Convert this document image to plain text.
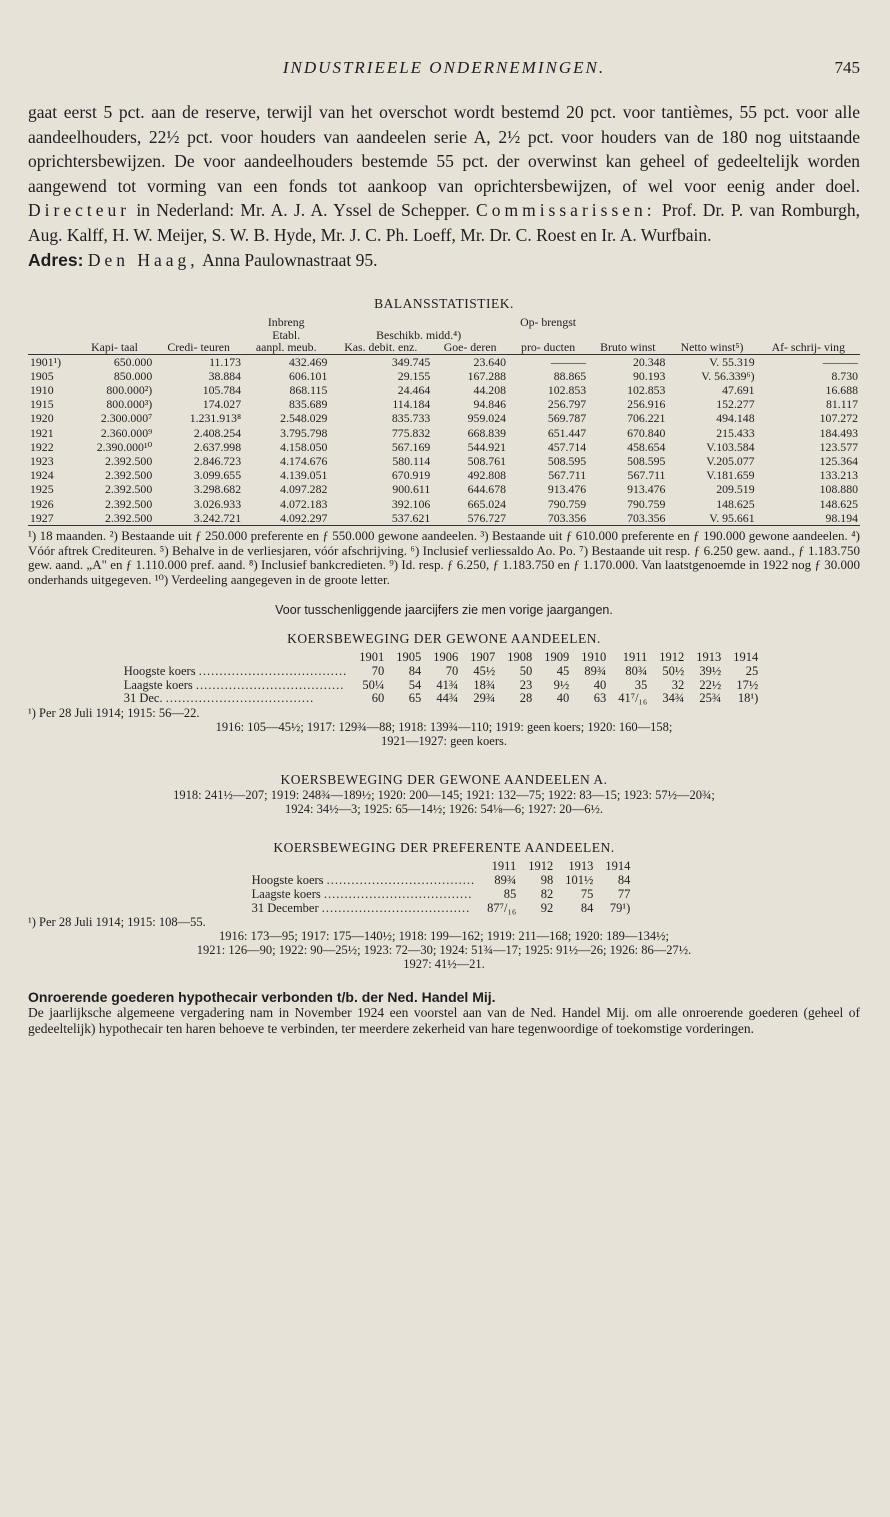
INDUSTRIEELE ONDERNEMINGEN.	745
gaat eerst 5 pct. aan de reserve, terwijl van het overschot wordt bestemd 20 pct. voor tantièmes, 55 pct. voor alle aandeelhouders, 22½ pct. voor houders van aandeelen serie A, 2½ pct. voor houders van de 180 nog uitstaande oprichtersbewijzen. De voor aandeelhouders bestemde 55 pct. der overwinst kan geheel of gedeeltelijk worden aangewend tot vorming van een fonds tot aankoop van oprichtersbewijzen, of wel voor eenig ander doel. Directeur in Nederland: Mr. A. J. A. Yssel de Schepper. Commissarissen: Prof. Dr. P. van Romburgh, Aug. Kalff, H. W. Meijer, S. W. B. Hyde, Mr. J. C. Ph. Loeff, Mr. Dr. C. Roest en Ir. A. Wurfbain.
Adres: Den Haag, Anna Paulownastraat 95.
BALANSSTATISTIEK.
			Inbreng			Op- brengst			
			Etabl.	Beschikb. midd.⁴)					
	Kapi- taal	Credi- teuren	aanpl. meub.	Kas. debit. enz.	Goe- deren	pro- ducten	Bruto winst	Netto winst⁵)	Af- schrij- ving
1901¹)	650.000	11.173	432.469	349.745	23.640	———	20.348	V. 55.319	———
1905	850.000	38.884	606.101	29.155	167.288	88.865	90.193	V. 56.339⁶)	8.730
1910	800.000²)	105.784	868.115	24.464	44.208	102.853	102.853	47.691	16.688
1915	800.000³)	174.027	835.689	114.184	94.846	256.797	256.916	152.277	81.117
1920	2.300.000⁷	1.231.913⁸	2.548.029	835.733	959.024	569.787	706.221	494.148	107.272
1921	2.360.000⁹	2.408.254	3.795.798	775.832	668.839	651.447	670.840	215.433	184.493
1922	2.390.000¹⁰	2.637.998	4.158.050	567.169	544.921	457.714	458.654	V.103.584	123.577
1923	2.392.500	2.846.723	4.174.676	580.114	508.761	508.595	508.595	V.205.077	125.364
1924	2.392.500	3.099.655	4.139.051	670.919	492.808	567.711	567.711	V.181.659	133.213
1925	2.392.500	3.298.682	4.097.282	900.611	644.678	913.476	913.476	209.519	108.880
1926	2.392.500	3.026.933	4.072.183	392.106	665.024	790.759	790.759	148.625	148.625
1927	2.392.500	3.242.721	4.092.297	537.621	576.727	703.356	703.356	V. 95.661	98.194
¹) 18 maanden. ²) Bestaande uit ƒ 250.000 preferente en ƒ 550.000 gewone aandeelen. ³) Bestaande uit ƒ 610.000 preferente en ƒ 190.000 gewone aandeelen. ⁴) Vóór aftrek Crediteuren. ⁵) Behalve in de verliesjaren, vóór afschrijving. ⁶) Inclusief verliessaldo Ao. Po. ⁷) Bestaande uit resp. ƒ 6.250 gew. aand., ƒ 1.183.750 gew. aand. „A" en ƒ 1.110.000 pref. aand. ⁸) Inclusief bankcredieten. ⁹) Id. resp. ƒ 6.250, ƒ 1.183.750 en ƒ 1.170.000. Van laatstgenoemde in 1922 nog ƒ 30.000 onderhands uitgegeven. ¹⁰) Verdeeling aangegeven in de groote letter.
Voor tusschenliggende jaarcijfers zie men vorige jaargangen.
KOERSBEWEGING DER GEWONE AANDEELEN.
	1901	1905	1906	1907	1908	1909	1910	1911	1912	1913	1914
Hoogste koers ....................................	70	84	70	45½	50	45	89¾	80¾	50½	39½	25
Laagste koers ....................................	50¼	54	41¾	18¾	23	9½	40	35	32	22½	17½
31 Dec. ....................................	60	65	44¾	29¾	28	40	63	41⁷/₁₆	34¾	25¾	18¹)
¹) Per 28 Juli 1914; 1915: 56—22.
1916: 105—45½; 1917: 129¾—88; 1918: 139¾—110; 1919: geen koers; 1920: 160—158;
1921—1927: geen koers.
KOERSBEWEGING DER GEWONE AANDEELEN A.
1918: 241½—207; 1919: 248¾—189½; 1920: 200—145; 1921: 132—75; 1922: 83—15; 1923: 57½—20¾;
1924: 34½—3; 1925: 65—14½; 1926: 54⅛—6; 1927: 20—6½.
KOERSBEWEGING DER PREFERENTE AANDEELEN.
	1911	1912	1913	1914
Hoogste koers ....................................	89¾	98	101½	84
Laagste koers ....................................	85	82	75	77
31 December ....................................	87⁷/₁₆	92	84	79¹)
¹) Per 28 Juli 1914; 1915: 108—55.
1916: 173—95; 1917: 175—140½; 1918: 199—162; 1919: 211—168; 1920: 189—134½;
1921: 126—90; 1922: 90—25½; 1923: 72—30; 1924: 51¾—17; 1925: 91½—26; 1926: 86—27½.
1927: 41½—21.
Onroerende goederen hypothecair verbonden t/b. der Ned. Handel Mij.
De jaarlijksche algemeene vergadering nam in November 1924 een voorstel aan van de Ned. Handel Mij. om alle onroerende goederen (geheel of gedeeltelijk) hypothecair ten haren behoeve te verbinden, ter meerdere zekerheid van hare tegenwoordige of toekomstige vorderingen.
